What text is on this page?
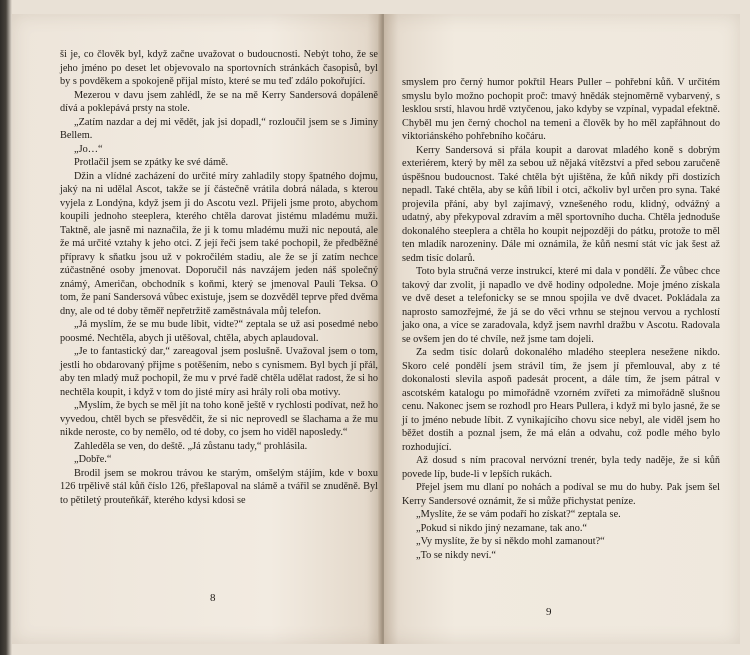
ši je, co člověk byl, když začne uvažovat o budoucnosti. Nebýt toho, že se jeho jméno po deset let objevovalo na sportovních stránkách časopisů, byl by s povděkem a spokojeně přijal místo, které se mu teď zdálo pokořující.

Mezerou v davu jsem zahlédl, že se na mě Kerry Sandersová dopáleně dívá a poklepává prsty na stole.

„Zatím nazdar a dej mi vědět, jak jsi dopadl,“ rozloučil jsem se s Jiminy Bellem.

„Jo…“

Protlačil jsem se zpátky ke své dámě.

Džin a vlídné zacházení do určité míry zahladily stopy špatného dojmu, jaký na ni udělal Ascot, takže se jí částečně vrátila dobrá nálada, s kterou vyjela z Londýna, když jsem ji do Ascotu vezl. Přijeli jsme proto, abychom koupili jednoho steeplera, kterého chtěla darovat jistému mladému muži. Taktně, ale jasně mi naznačila, že ji k tomu mladému muži nic nepoutá, ale že má určité vztahy k jeho otci. Z její řeči jsem také pochopil, že předběžné přípravy k sňatku jsou už v pokročilém stadiu, ale že se jí zatím nechce zúčastněné osoby jmenovat. Doporučil nás navzájem jeden náš společný známý, Američan, obchodník s koňmi, který se jmenoval Pauli Teksa. O tom, že paní Sandersová vůbec existuje, jsem se dozvěděl teprve před dvěma dny, ale od té doby těměř nepřetržitě zaměstnávala můj telefon.

„Já myslím, že se mu bude líbit, vidte?“ zeptala se už asi posedmé nebo poosmé. Nechtěla, abych ji utěšoval, chtěla, abych aplaudoval.

„Je to fantastický dar,“ zareagoval jsem poslušně. Uvažoval jsem o tom, jestli ho obdarovaný přijme s potěšením, nebo s cynismem. Byl bych jí přál, aby ten mladý muž pochopil, že mu v prvé řadě chtěla udělat radost, že si ho nechtěla koupit, i když v tom do jisté míry asi hrály roli oba motivy.

„Myslím, že bych se měl jít na toho koně ještě v rychlosti podívat, než ho vyvedou, chtěl bych se přesvědčit, že si nic neprovedl se šlachama a že mu nikde neroste, co by nemělo, od té doby, co jsem ho viděl naposledy.“

Zahleděla se ven, do deště. „Já zůstanu tady,“ prohlásila.

„Dobře.“

Brodil jsem se mokrou trávou ke starým, omšelým stájím, kde v boxu 126 trpělivě stál kůň číslo 126, přešlapoval na slámě a tvářil se znuděně. Byl to pětiletý prouteňkář, kterého kdysi kdosi se

8

smyslem pro černý humor pokřtil Hears Puller – pohřební kůň. V určitém smyslu bylo možno pochopit proč: tmavý hnědák stejnoměrně vybarvený, s lesklou srstí, hlavou hrdě vztyčenou, jako kdyby se vzpínal, vypadal efektně. Chyběl mu jen černý chochol na temeni a člověk by ho měl zapřáhnout do viktoriánského pohřebního kočáru.

Kerry Sandersová si přála koupit a darovat mladého koně s dobrým exteriérem, který by měl za sebou už nějaká vítězství a před sebou zaručeně úspěšnou budoucnost. Také chtěla být ujištěna, že kůň nikdy při dostizích nepadl. Také chtěla, aby se kůň líbil i otci, ačkoliv byl určen pro syna. Také projevila přání, aby byl zajímavý, vznešeného rodu, klidný, odvážný a udatný, aby překypoval zdravím a měl sportovního ducha. Chtěla jednoduše dokonalého steeplera a chtěla ho koupit nejpozději do pátku, protože to měl ten mladík narozeniny. Dále mi oznámila, že kůň nesmí stát víc jak šest až sedm tisíc dolarů.

Toto byla stručná verze instrukcí, které mi dala v pondělí. Že vůbec chce takový dar zvolit, ji napadlo ve dvě hodiny odpoledne. Moje jméno získala ve dvě deset a telefonicky se se mnou spojila ve dvě dvacet. Pokládala za naprosto samozřejmé, že já se do věci vrhnu se stejnou vervou a rychlostí jako ona, a více se zaradovala, když jsem navrhl dražbu v Ascotu. Radovala se ovšem jen do té chvíle, než jsme tam dojeli.

Za sedm tisíc dolarů dokonalého mladého steeplera nesežene nikdo. Skoro celé pondělí jsem strávil tím, že jsem jí přemlouval, aby z té dokonalosti slevila aspoň padesát procent, a dále tím, že jsem pátral v ascotském katalogu po mimořádně vzorném zvířeti za mimořádně slušnou cenu. Nakonec jsem se rozhodl pro Hears Pullera, i když mi bylo jasné, že se jí to jméno nebude líbit. Z vynikajícího chovu sice nebyl, ale viděl jsem ho běžet dostih a poznal jsem, že má elán a odvahu, což podle mého bylo rozhodující.

Až dosud s ním pracoval nervózní trenér, byla tedy naděje, že si kůň povede líp, bude-li v lepších rukách.

Přejel jsem mu dlaní po nohách a podíval se mu do huby. Pak jsem šel Kerry Sandersové oznámit, že si může přichystat peníze.

„Myslíte, že se vám podaří ho získat?“ zeptala se.

„Pokud si nikdo jiný nezamane, tak ano.“

„Vy myslíte, že by si někdo mohl zamanout?“

„To se nikdy neví.“

9
